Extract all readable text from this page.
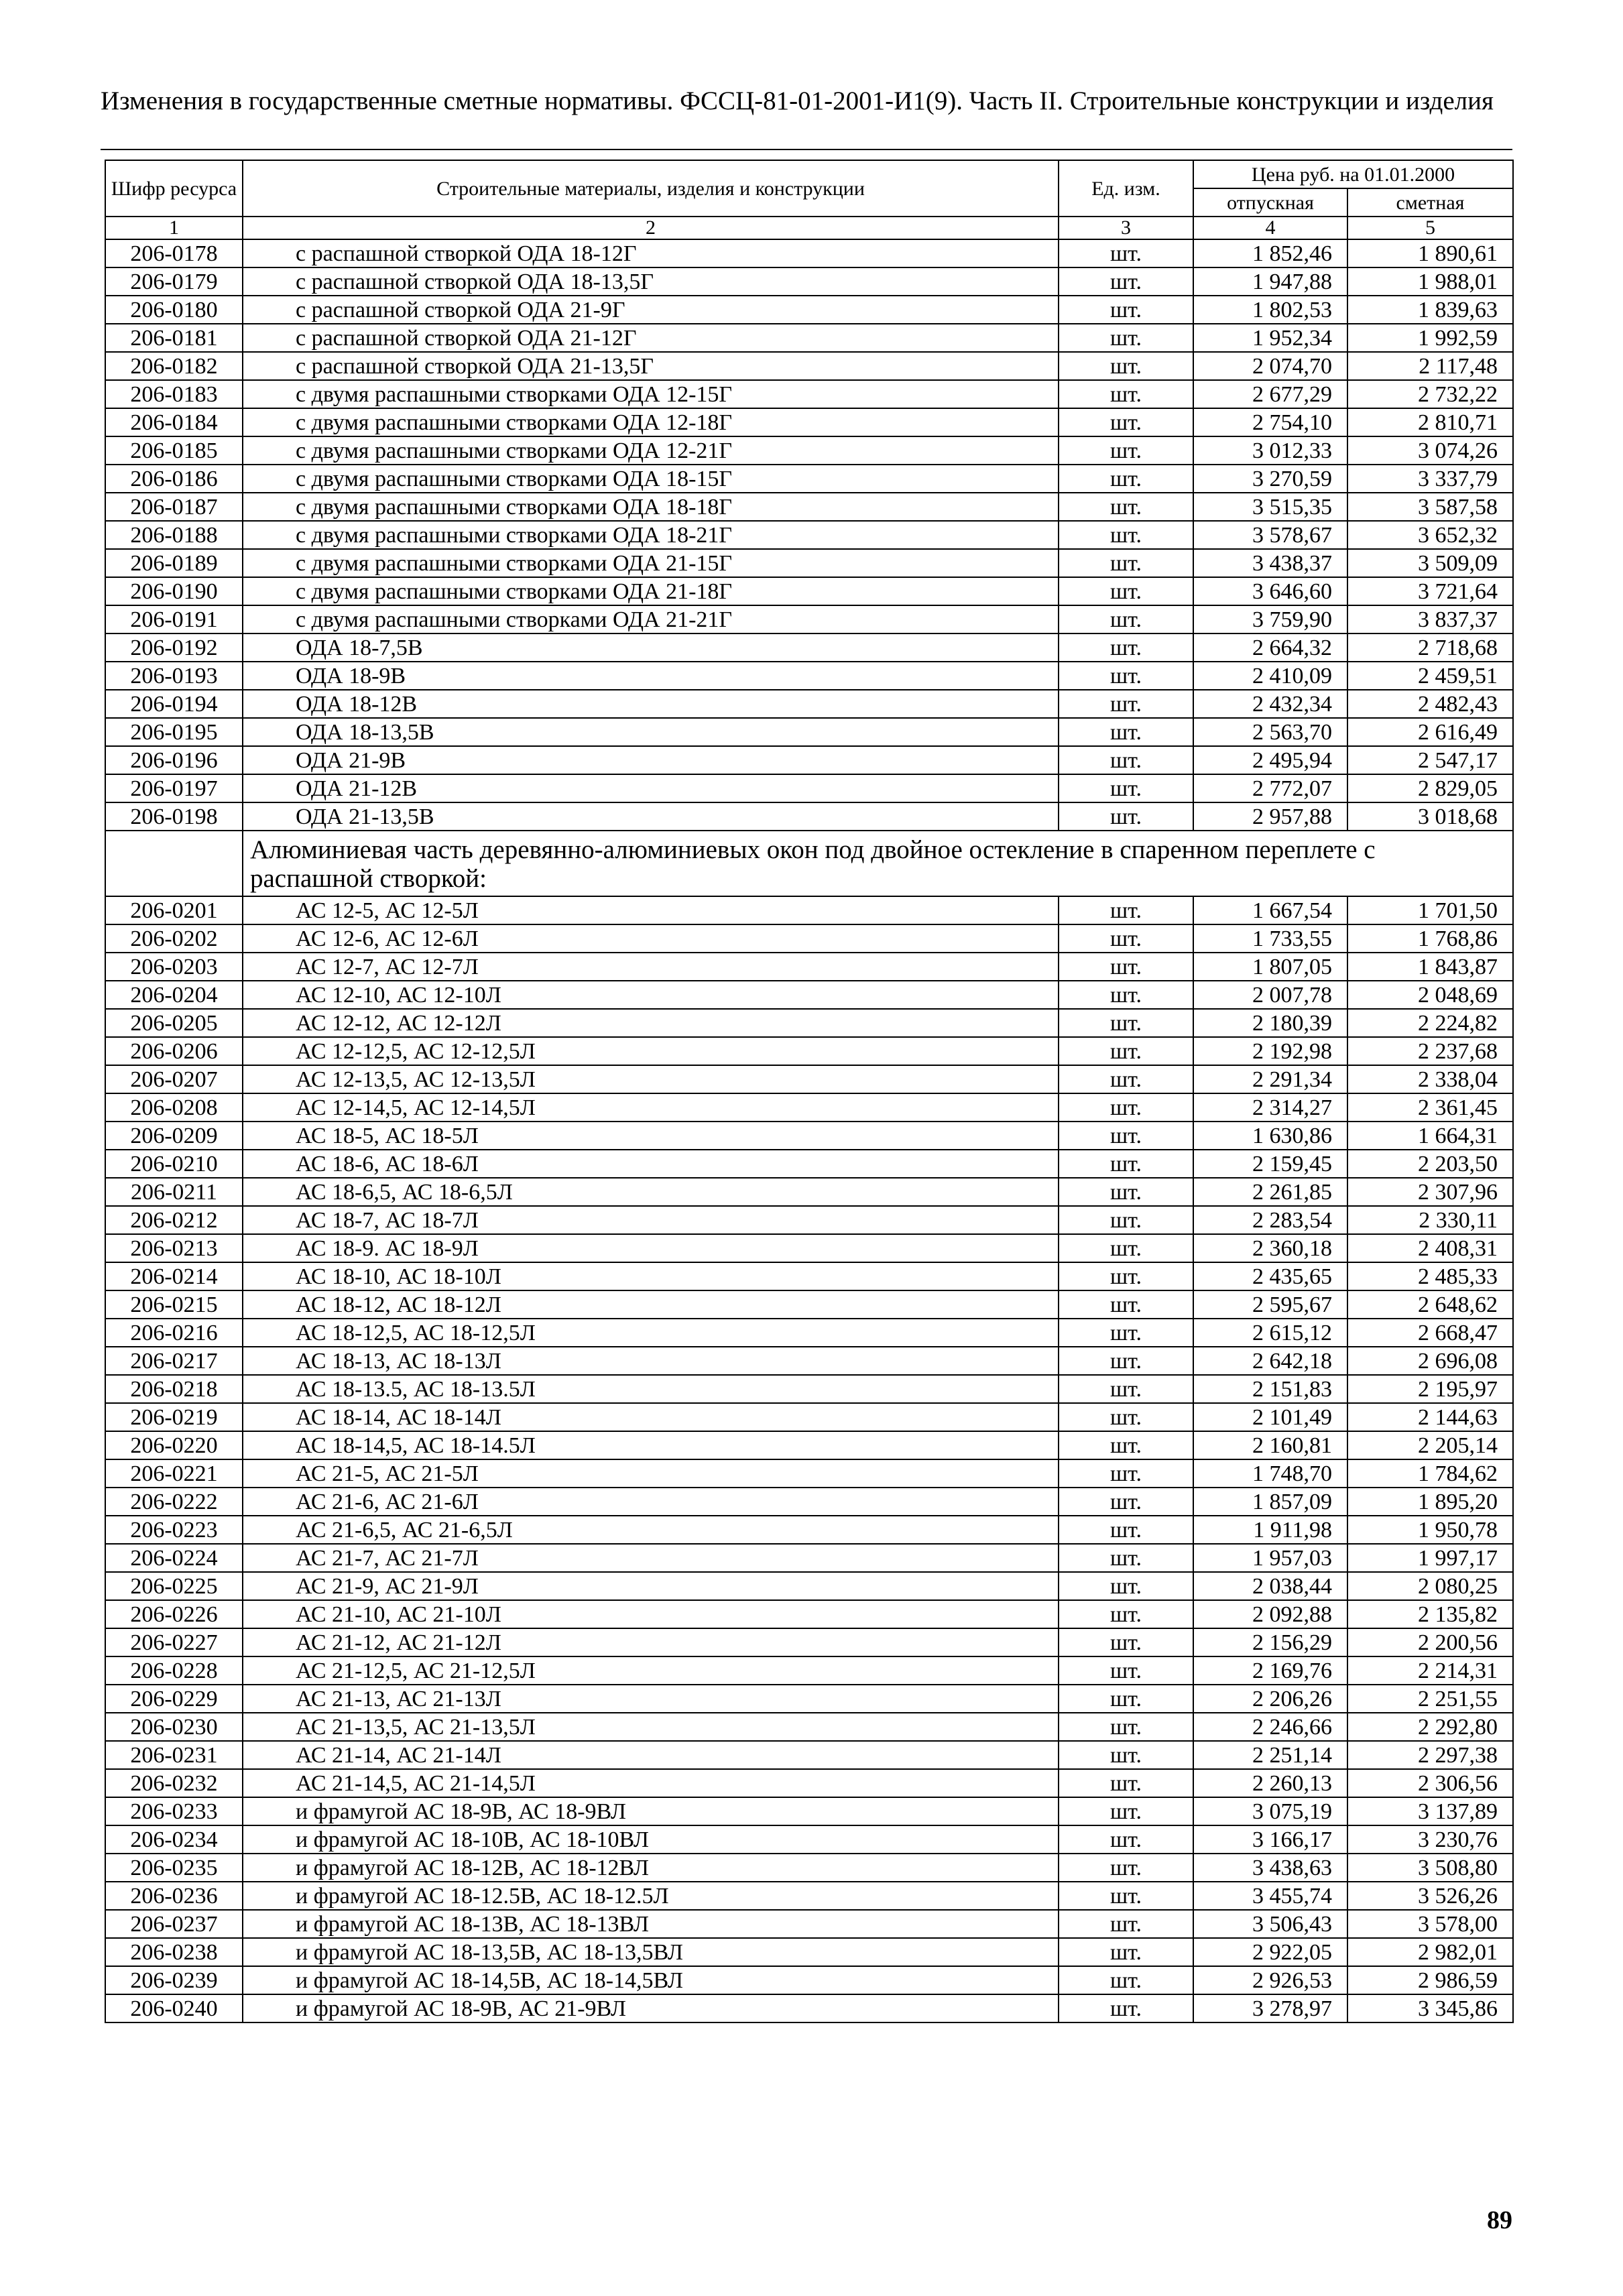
Изменения в государственные сметные нормативы. ФССЦ-81-01-2001-И1(9). Часть II. Строительные конструкции и изделия
Шифр ресурса	Строительные материалы, изделия и конструкции	Ед. изм.	Цена руб. на 01.01.2000	
			отпускная	сметная
1	2	3	4	5
206-0178	с распашной створкой ОДА 18-12Г	шт.	1 852,46	1 890,61
206-0179	с распашной створкой ОДА 18-13,5Г	шт.	1 947,88	1 988,01
206-0180	с распашной створкой ОДА 21-9Г	шт.	1 802,53	1 839,63
206-0181	с распашной створкой ОДА 21-12Г	шт.	1 952,34	1 992,59
206-0182	с распашной створкой ОДА 21-13,5Г	шт.	2 074,70	2 117,48
206-0183	с двумя распашными створками ОДА 12-15Г	шт.	2 677,29	2 732,22
206-0184	с двумя распашными створками ОДА 12-18Г	шт.	2 754,10	2 810,71
206-0185	с двумя распашными створками ОДА 12-21Г	шт.	3 012,33	3 074,26
206-0186	с двумя распашными створками ОДА 18-15Г	шт.	3 270,59	3 337,79
206-0187	с двумя распашными створками ОДА 18-18Г	шт.	3 515,35	3 587,58
206-0188	с двумя распашными створками ОДА 18-21Г	шт.	3 578,67	3 652,32
206-0189	с двумя распашными створками ОДА 21-15Г	шт.	3 438,37	3 509,09
206-0190	с двумя распашными створками ОДА 21-18Г	шт.	3 646,60	3 721,64
206-0191	с двумя распашными створками ОДА 21-21Г	шт.	3 759,90	3 837,37
206-0192	ОДА 18-7,5В	шт.	2 664,32	2 718,68
206-0193	ОДА 18-9В	шт.	2 410,09	2 459,51
206-0194	ОДА 18-12В	шт.	2 432,34	2 482,43
206-0195	ОДА 18-13,5В	шт.	2 563,70	2 616,49
206-0196	ОДА 21-9В	шт.	2 495,94	2 547,17
206-0197	ОДА 21-12В	шт.	2 772,07	2 829,05
206-0198	ОДА 21-13,5В	шт.	2 957,88	3 018,68
	Алюминиевая часть деревянно-алюминиевых окон под двойное остекление в спаренном переплете с распашной створкой:			
206-0201	АС 12-5, АС 12-5Л	шт.	1 667,54	1 701,50
206-0202	АС 12-6, АС 12-6Л	шт.	1 733,55	1 768,86
206-0203	АС 12-7, АС 12-7Л	шт.	1 807,05	1 843,87
206-0204	АС 12-10, АС 12-10Л	шт.	2 007,78	2 048,69
206-0205	АС 12-12, АС 12-12Л	шт.	2 180,39	2 224,82
206-0206	АС 12-12,5, АС 12-12,5Л	шт.	2 192,98	2 237,68
206-0207	АС 12-13,5, АС 12-13,5Л	шт.	2 291,34	2 338,04
206-0208	АС 12-14,5, АС 12-14,5Л	шт.	2 314,27	2 361,45
206-0209	АС 18-5, АС 18-5Л	шт.	1 630,86	1 664,31
206-0210	АС 18-6, АС 18-6Л	шт.	2 159,45	2 203,50
206-0211	АС 18-6,5, АС 18-6,5Л	шт.	2 261,85	2 307,96
206-0212	АС 18-7, АС 18-7Л	шт.	2 283,54	2 330,11
206-0213	АС 18-9. АС 18-9Л	шт.	2 360,18	2 408,31
206-0214	АС 18-10, АС 18-10Л	шт.	2 435,65	2 485,33
206-0215	АС 18-12, АС 18-12Л	шт.	2 595,67	2 648,62
206-0216	АС 18-12,5, АС 18-12,5Л	шт.	2 615,12	2 668,47
206-0217	АС 18-13, АС 18-13Л	шт.	2 642,18	2 696,08
206-0218	АС 18-13.5, АС 18-13.5Л	шт.	2 151,83	2 195,97
206-0219	АС 18-14, АС 18-14Л	шт.	2 101,49	2 144,63
206-0220	АС 18-14,5, АС 18-14.5Л	шт.	2 160,81	2 205,14
206-0221	АС 21-5, АС 21-5Л	шт.	1 748,70	1 784,62
206-0222	АС 21-6, АС 21-6Л	шт.	1 857,09	1 895,20
206-0223	АС 21-6,5, АС 21-6,5Л	шт.	1 911,98	1 950,78
206-0224	АС 21-7, АС 21-7Л	шт.	1 957,03	1 997,17
206-0225	АС 21-9, АС 21-9Л	шт.	2 038,44	2 080,25
206-0226	АС 21-10, АС 21-10Л	шт.	2 092,88	2 135,82
206-0227	АС 21-12, АС 21-12Л	шт.	2 156,29	2 200,56
206-0228	АС 21-12,5, АС 21-12,5Л	шт.	2 169,76	2 214,31
206-0229	АС 21-13, АС 21-13Л	шт.	2 206,26	2 251,55
206-0230	АС 21-13,5, АС 21-13,5Л	шт.	2 246,66	2 292,80
206-0231	АС 21-14, АС 21-14Л	шт.	2 251,14	2 297,38
206-0232	АС 21-14,5, АС 21-14,5Л	шт.	2 260,13	2 306,56
206-0233	и фрамугой АС 18-9В, АС 18-9ВЛ	шт.	3 075,19	3 137,89
206-0234	и фрамугой АС 18-10В, АС 18-10ВЛ	шт.	3 166,17	3 230,76
206-0235	и фрамугой АС 18-12В, АС 18-12ВЛ	шт.	3 438,63	3 508,80
206-0236	и фрамугой АС 18-12.5В, АС 18-12.5Л	шт.	3 455,74	3 526,26
206-0237	и фрамугой АС 18-13В, АС 18-13ВЛ	шт.	3 506,43	3 578,00
206-0238	и фрамугой АС 18-13,5В, АС 18-13,5ВЛ	шт.	2 922,05	2 982,01
206-0239	и фрамугой АС 18-14,5В, АС 18-14,5ВЛ	шт.	2 926,53	2 986,59
206-0240	и фрамугой АС 18-9В, АС 21-9ВЛ	шт.	3 278,97	3 345,86
89
